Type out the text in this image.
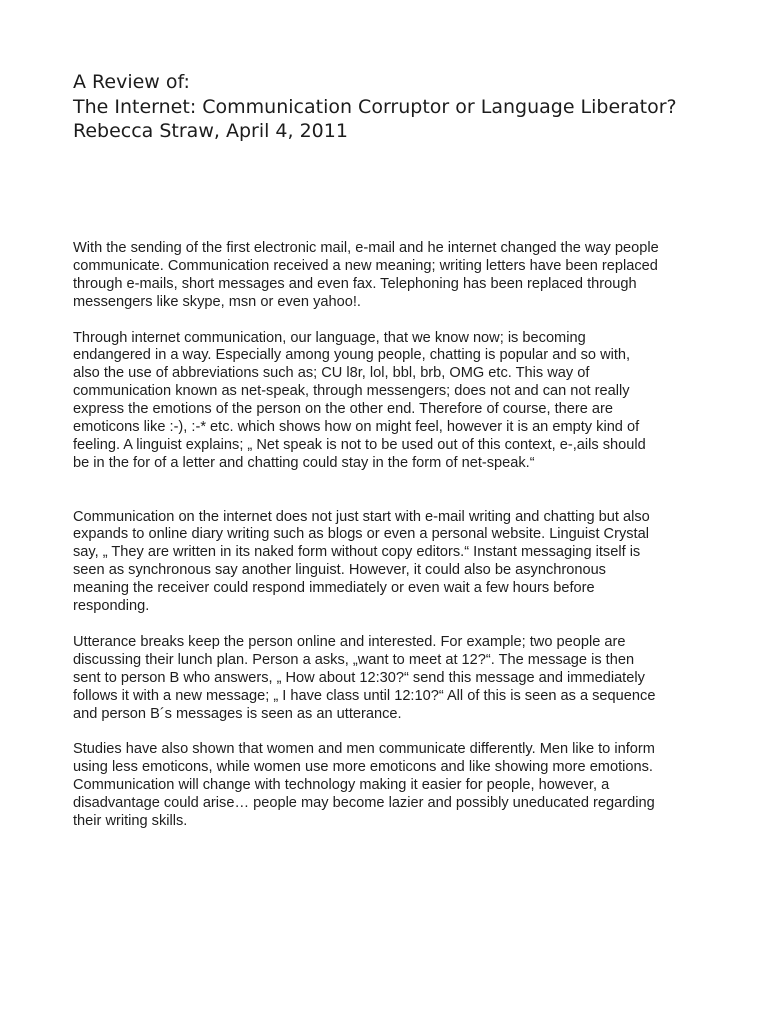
A Review of:
The Internet: Communication Corruptor or Language Liberator?
Rebecca Straw, April 4, 2011

With the sending of the first electronic mail, e-mail and he internet changed the way people
communicate. Communication received a new meaning; writing letters have been replaced
through e-mails, short messages and even fax. Telephoning has been replaced through
messengers like skype, msn or even yahoo!.

Through internet communication, our language, that we know now; is becoming
endangered in a way. Especially among young people, chatting is popular and so with,
also the use of abbreviations such as; CU l8r, lol, bbl, brb, OMG etc. This way of
communication known as net-speak, through messengers; does not and can not really
express the emotions of the person on the other end. Therefore of course, there are
emoticons like :-), :-* etc. which shows how on might feel, however it is an empty kind of
feeling. A linguist explains; „ Net speak is not to be used out of this context, e-,ails should
be in the for of a letter and chatting could stay in the form of net-speak.“

Communication on the internet does not just start with e-mail writing and chatting but also
expands to online diary writing such as blogs or even a personal website. Linguist Crystal
say, „ They are written in its naked form without copy editors.“ Instant messaging itself is
seen as synchronous say another linguist. However, it could also be asynchronous
meaning the receiver could respond immediately or even wait a few hours before
responding.

Utterance breaks keep the person online and interested. For example; two people are
discussing their lunch plan. Person a asks, „want to meet at 12?“. The message is then
sent to person B who answers, „ How about 12:30?“ send this message and immediately
follows it with a new message; „ I have class until 12:10?“ All of this is seen as a sequence
and person B´s messages is seen as an utterance.

Studies have also shown that women and men communicate differently. Men like to inform
using less emoticons, while women use more emoticons and like showing more emotions.
Communication will change with technology making it easier for people, however, a
disadvantage could arise… people may become lazier and possibly uneducated regarding
their writing skills.
